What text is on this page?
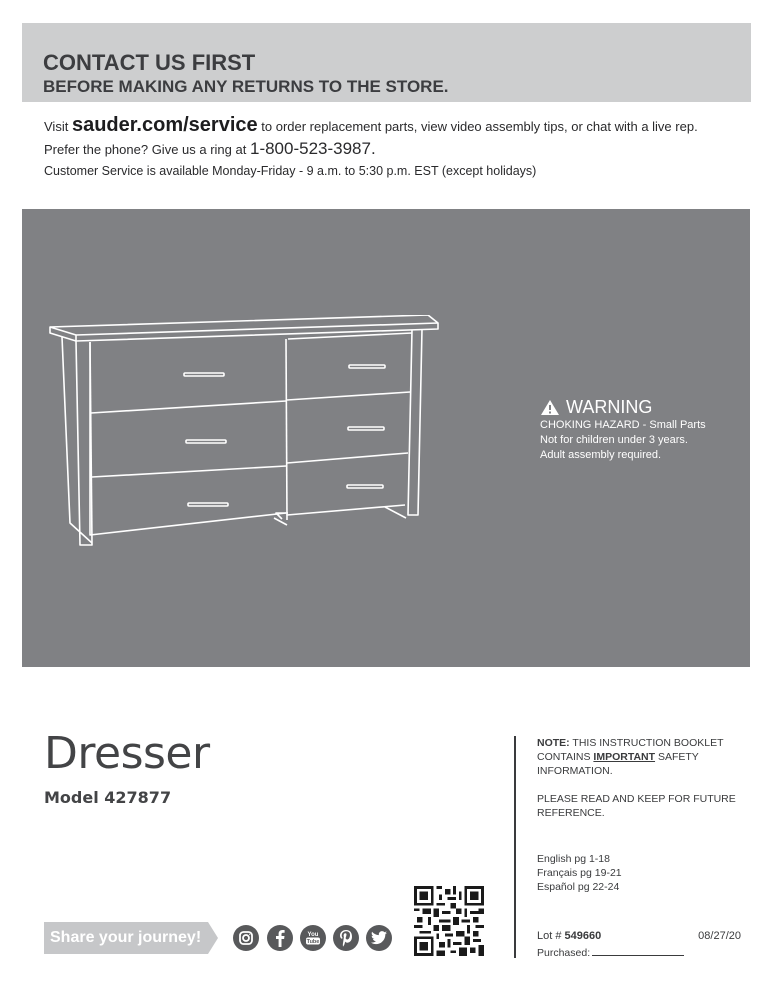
CONTACT US FIRST
BEFORE MAKING ANY RETURNS TO THE STORE.
Visit sauder.com/service to order replacement parts, view video assembly tips, or chat with a live rep.
Prefer the phone? Give us a ring at 1-800-523-3987.
Customer Service is available Monday-Friday - 9 a.m. to 5:30 p.m. EST (except holidays)
WARNING
CHOKING HAZARD - Small Parts
Not for children under 3 years.
Adult assembly required.
Dresser
Model 427877
NOTE: THIS INSTRUCTION BOOKLET CONTAINS IMPORTANT SAFETY INFORMATION.
PLEASE READ AND KEEP FOR FUTURE REFERENCE.
English pg 1-18
Français pg 19-21
Español pg 22-24
Lot # 549660	08/27/20
Purchased:
Share your journey!	You
Tube
